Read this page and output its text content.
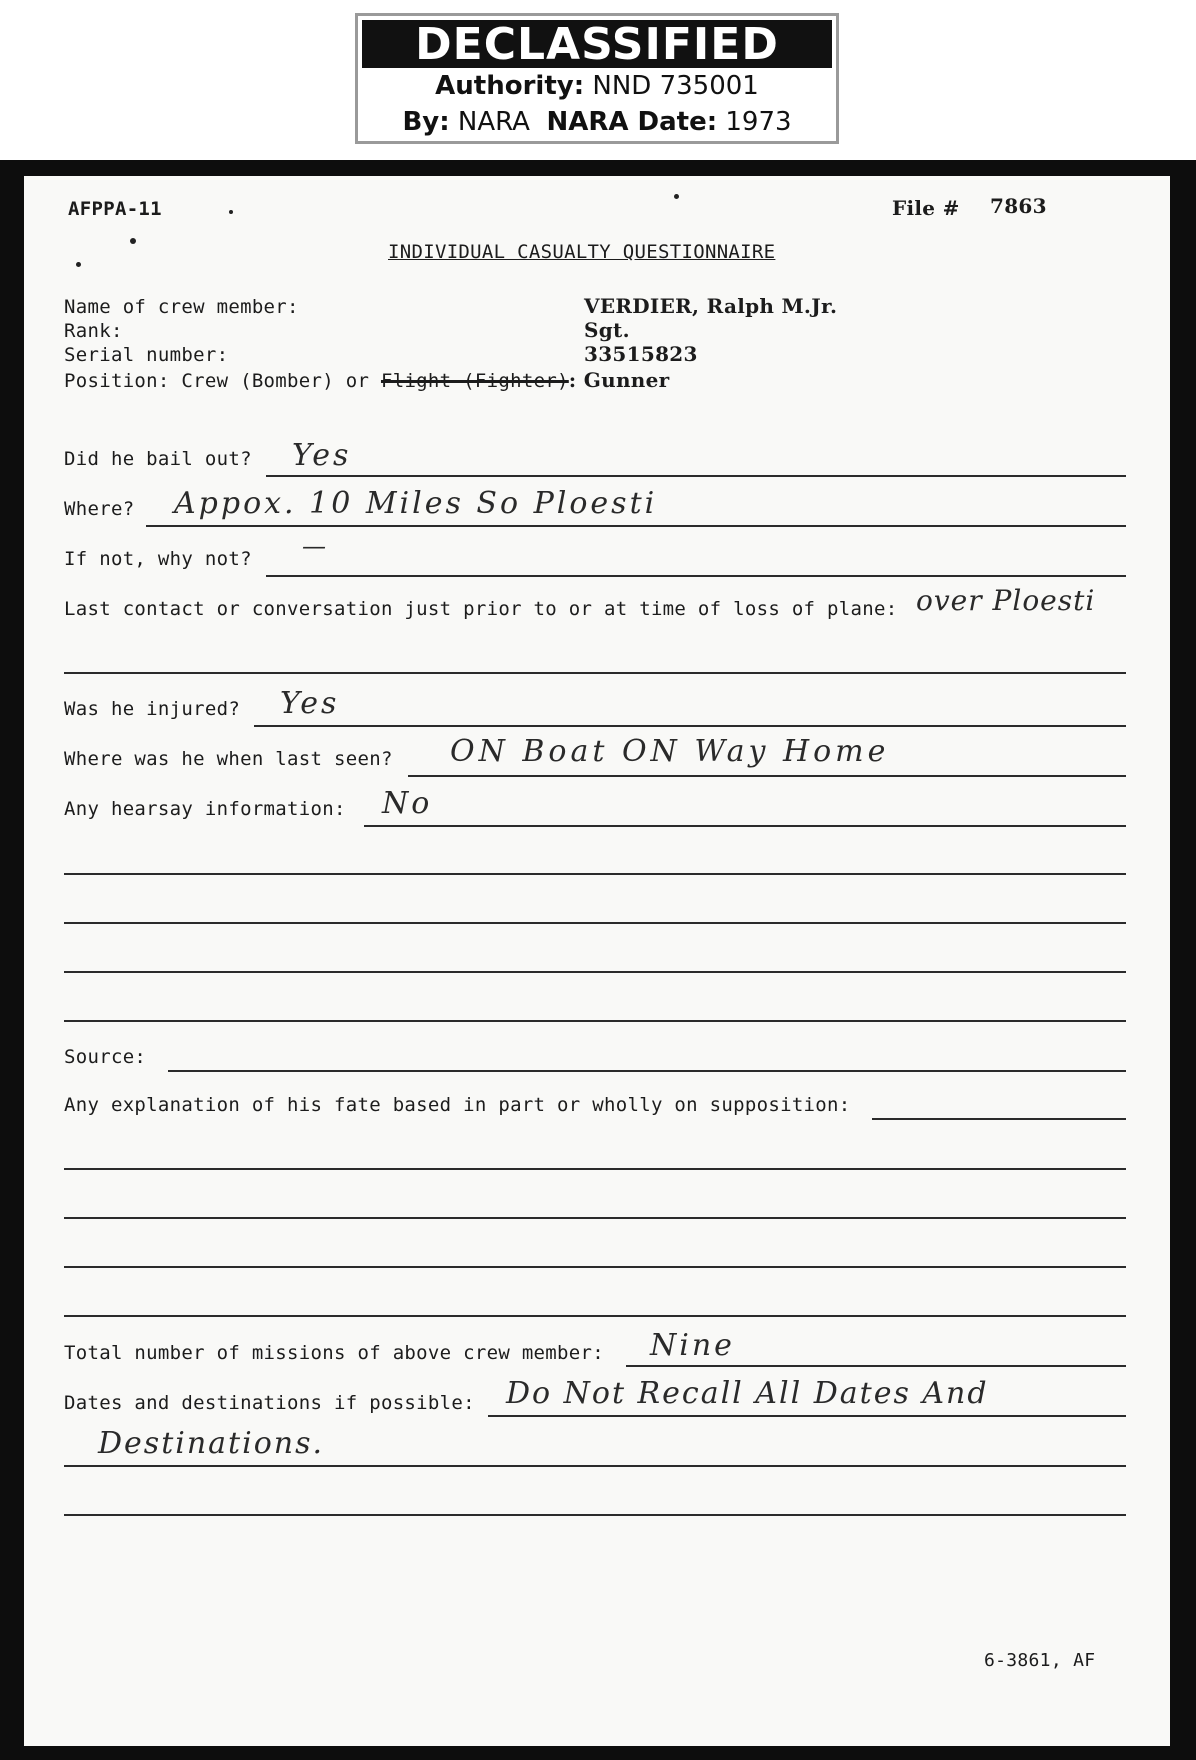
DECLASSIFIED
Authority: NND 735001
By: NARA NARA Date: 1973
AFPPA-11	File # 7863
INDIVIDUAL CASUALTY QUESTIONNAIRE
Name of crew member:	VERDIER, Ralph M.Jr.
Rank:	Sgt.
Serial number:	33515823
Position: Crew (Bomber) or Flight (Fighter): Gunner
Did he bail out? Yes
Where? Appox. 10 Miles So Ploesti
If not, why not? —
Last contact or conversation just prior to or at time of loss of plane: over Ploesti
Was he injured? Yes
Where was he when last seen? ON Boat ON Way Home
Any hearsay information: No
Source:
Any explanation of his fate based in part or wholly on supposition:
Total number of missions of above crew member: Nine
Dates and destinations if possible: Do Not Recall All Dates And
Destinations.
6-3861, AF
